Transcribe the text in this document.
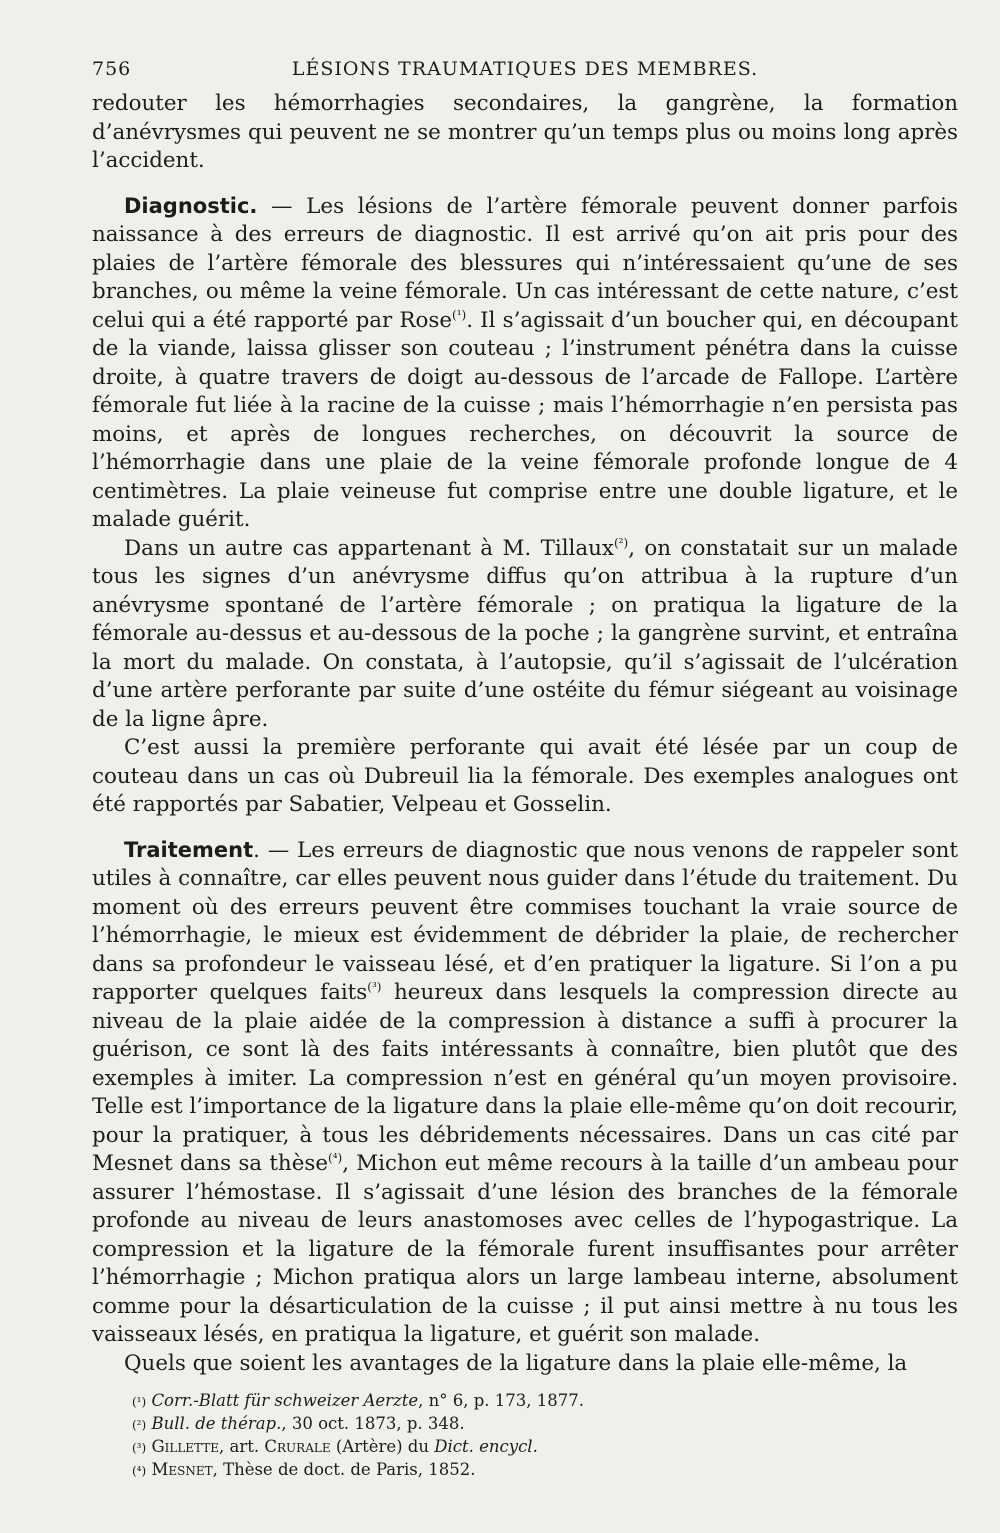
756	LÉSIONS TRAUMATIQUES DES MEMBRES.

redouter les hémorrhagies secondaires, la gangrène, la formation d’anévrysmes qui peuvent ne se montrer qu’un temps plus ou moins long après l’accident.

Diagnostic. — Les lésions de l’artère fémorale peuvent donner parfois naissance à des erreurs de diagnostic. Il est arrivé qu’on ait pris pour des plaies de l’artère fémorale des blessures qui n’intéressaient qu’une de ses branches, ou même la veine fémorale. Un cas intéressant de cette nature, c’est celui qui a été rapporté par Rose$^{(^1)}$. Il s’agissait d’un boucher qui, en découpant de la viande, laissa glisser son couteau ; l’instrument pénétra dans la cuisse droite, à quatre travers de doigt au-dessous de l’arcade de Fallope. L’artère fémorale fut liée à la racine de la cuisse ; mais l’hémorrhagie n’en persista pas moins, et après de longues recherches, on découvrit la source de l’hémorrhagie dans une plaie de la veine fémorale profonde longue de 4 centimètres. La plaie veineuse fut comprise entre une double ligature, et le malade guérit.

Dans un autre cas appartenant à M. Tillaux$^{(^2)}$, on constatait sur un malade tous les signes d’un anévrysme diffus qu’on attribua à la rupture d’un anévrysme spontané de l’artère fémorale ; on pratiqua la ligature de la fémorale au-dessus et au-dessous de la poche ; la gangrène survint, et entraîna la mort du malade. On constata, à l’autopsie, qu’il s’agissait de l’ulcération d’une artère perforante par suite d’une ostéite du fémur siégeant au voisinage de la ligne âpre.

C’est aussi la première perforante qui avait été lésée par un coup de couteau dans un cas où Dubreuil lia la fémorale. Des exemples analogues ont été rapportés par Sabatier, Velpeau et Gosselin.

Traitement. — Les erreurs de diagnostic que nous venons de rappeler sont utiles à connaître, car elles peuvent nous guider dans l’étude du traitement. Du moment où des erreurs peuvent être commises touchant la vraie source de l’hémorrhagie, le mieux est évidemment de débrider la plaie, de rechercher dans sa profondeur le vaisseau lésé, et d’en pratiquer la ligature. Si l’on a pu rapporter quelques faits$^{(^3)}$ heureux dans lesquels la compression directe au niveau de la plaie aidée de la compression à distance a suffi à procurer la guérison, ce sont là des faits intéressants à connaître, bien plutôt que des exemples à imiter. La compression n’est en général qu’un moyen provisoire. Telle est l’importance de la ligature dans la plaie elle-même qu’on doit recourir, pour la pratiquer, à tous les débridements nécessaires. Dans un cas cité par Mesnet dans sa thèse$^{(^4)}$, Michon eut même recours à la taille d’un ambeau pour assurer l’hémostase. Il s’agissait d’une lésion des branches de la fémorale profonde au niveau de leurs anastomoses avec celles de l’hypogastrique. La compression et la ligature de la fémorale furent insuffisantes pour arrêter l’hémorrhagie ; Michon pratiqua alors un large lambeau interne, absolument comme pour la désarticulation de la cuisse ; il put ainsi mettre à nu tous les vaisseaux lésés, en pratiqua la ligature, et guérit son malade.

Quels que soient les avantages de la ligature dans la plaie elle-même, la

(¹) Corr.-Blatt für schweizer Aerzte, n° 6, p. 173, 1877.
(²) Bull. de thérap., 30 oct. 1873, p. 348.
(³) Gillette, art. Crurale (Artère) du Dict. encycl.
(⁴) Mesnet, Thèse de doct. de Paris, 1852.
